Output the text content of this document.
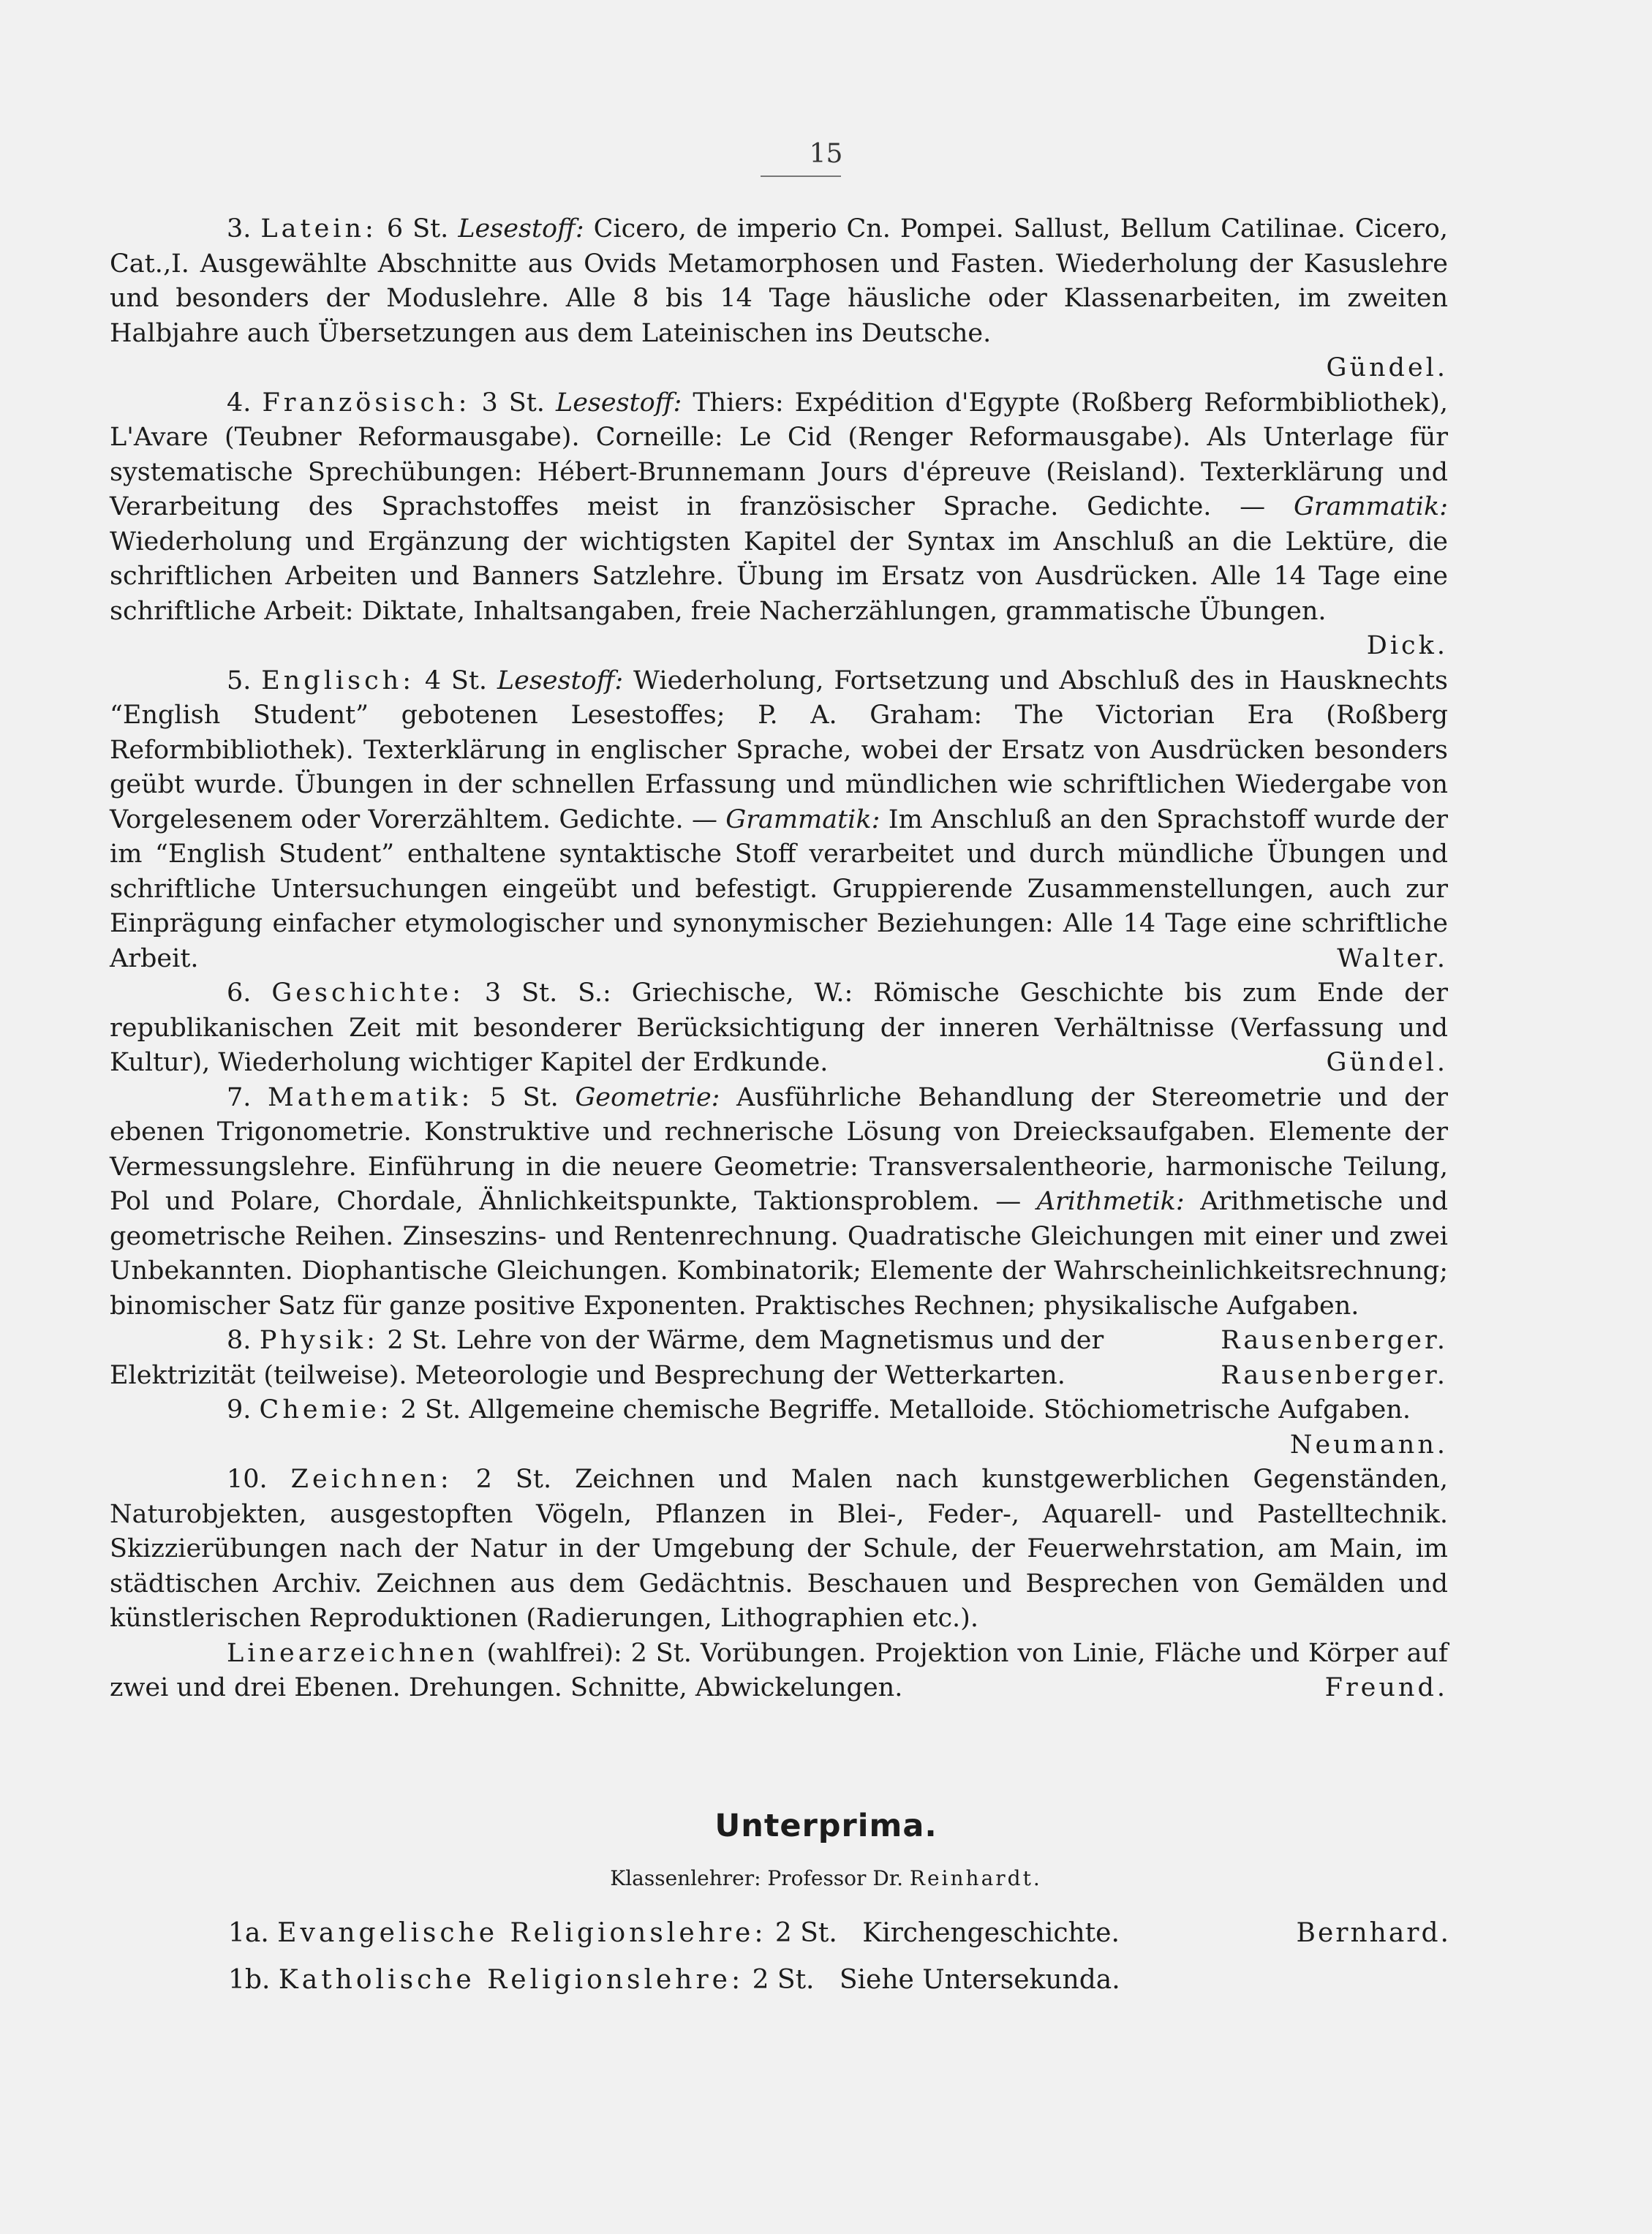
15

3. Latein: 6 St. Lesestoff: Cicero, de imperio Cn. Pompei. Sallust, Bellum Catilinae. Cicero, Cat.‚I. Ausgewählte Abschnitte aus Ovids Metamorphosen und Fasten. Wiederholung der Kasuslehre und besonders der Moduslehre. Alle 8 bis 14 Tage häusliche oder Klassenarbeiten, im zweiten Halbjahre auch Übersetzungen aus dem Lateinischen ins Deutsche.
Gündel.

4. Französisch: 3 St. Lesestoff: Thiers: Expédition d'Egypte (Roßberg Reformbibliothek), L'Avare (Teubner Reformausgabe). Corneille: Le Cid (Renger Reformausgabe). Als Unterlage für systematische Sprechübungen: Hébert-Brunnemann Jours d'épreuve (Reisland). Texterklärung und Verarbeitung des Sprachstoffes meist in französischer Sprache. Gedichte. — Grammatik: Wiederholung und Ergänzung der wichtigsten Kapitel der Syntax im Anschluß an die Lektüre, die schriftlichen Arbeiten und Banners Satzlehre. Übung im Ersatz von Ausdrücken. Alle 14 Tage eine schriftliche Arbeit: Diktate, Inhaltsangaben, freie Nacherzählungen, grammatische Übungen.
Dick.

5. Englisch: 4 St. Lesestoff: Wiederholung, Fortsetzung und Abschluß des in Hausknechts “English Student” gebotenen Lesestoffes; P. A. Graham: The Victorian Era (Roßberg Reformbibliothek). Texterklärung in englischer Sprache, wobei der Ersatz von Ausdrücken besonders geübt wurde. Übungen in der schnellen Erfassung und mündlichen wie schriftlichen Wiedergabe von Vorgelesenem oder Vorerzähltem. Gedichte. — Grammatik: Im Anschluß an den Sprachstoff wurde der im “English Student” enthaltene syntaktische Stoff verarbeitet und durch mündliche Übungen und schriftliche Untersuchungen eingeübt und befestigt. Gruppierende Zusammenstellungen, auch zur Einprägung einfacher etymologischer und synonymischer Beziehungen: Alle 14 Tage eine schriftliche Arbeit.	Walter.

6. Geschichte: 3 St. S.: Griechische, W.: Römische Geschichte bis zum Ende der republikanischen Zeit mit besonderer Berücksichtigung der inneren Verhältnisse (Verfassung und Kultur), Wiederholung wichtiger Kapitel der Erdkunde.	Gündel.

7. Mathematik: 5 St. Geometrie: Ausführliche Behandlung der Stereometrie und der ebenen Trigonometrie. Konstruktive und rechnerische Lösung von Dreiecksaufgaben. Elemente der Vermessungslehre. Einführung in die neuere Geometrie: Transversalentheorie, harmonische Teilung, Pol und Polare, Chordale, Ähnlichkeitspunkte, Taktionsproblem. — Arithmetik: Arithmetische und geometrische Reihen. Zinseszins- und Rentenrechnung. Quadratische Gleichungen mit einer und zwei Unbekannten. Diophantische Gleichungen. Kombinatorik; Elemente der Wahrscheinlichkeitsrechnung; binomischer Satz für ganze positive Exponenten. Praktisches Rechnen; physikalische Aufgaben.
Rausenberger.

8. Physik: 2 St. Lehre von der Wärme, dem Magnetismus und der Elektrizität (teilweise). Meteorologie und Besprechung der Wetterkarten.	Rausenberger.

9. Chemie: 2 St. Allgemeine chemische Begriffe. Metalloide. Stöchiometrische Aufgaben.
Neumann.

10. Zeichnen: 2 St. Zeichnen und Malen nach kunstgewerblichen Gegenständen, Naturobjekten, ausgestopften Vögeln, Pflanzen in Blei-, Feder-, Aquarell- und Pastelltechnik. Skizzierübungen nach der Natur in der Umgebung der Schule, der Feuerwehrstation, am Main, im städtischen Archiv. Zeichnen aus dem Gedächtnis. Beschauen und Besprechen von Gemälden und künstlerischen Reproduktionen (Radierungen, Lithographien etc.).

Linearzeichnen (wahlfrei): 2 St. Vorübungen. Projektion von Linie, Fläche und Körper auf zwei und drei Ebenen. Drehungen. Schnitte, Abwickelungen.	Freund.

Unterprima.
Klassenlehrer: Professor Dr. Reinhardt.
1a. Evangelische Religionslehre: 2 St. Kirchengeschichte.	Bernhard.
1b. Katholische Religionslehre: 2 St. Siehe Untersekunda.
